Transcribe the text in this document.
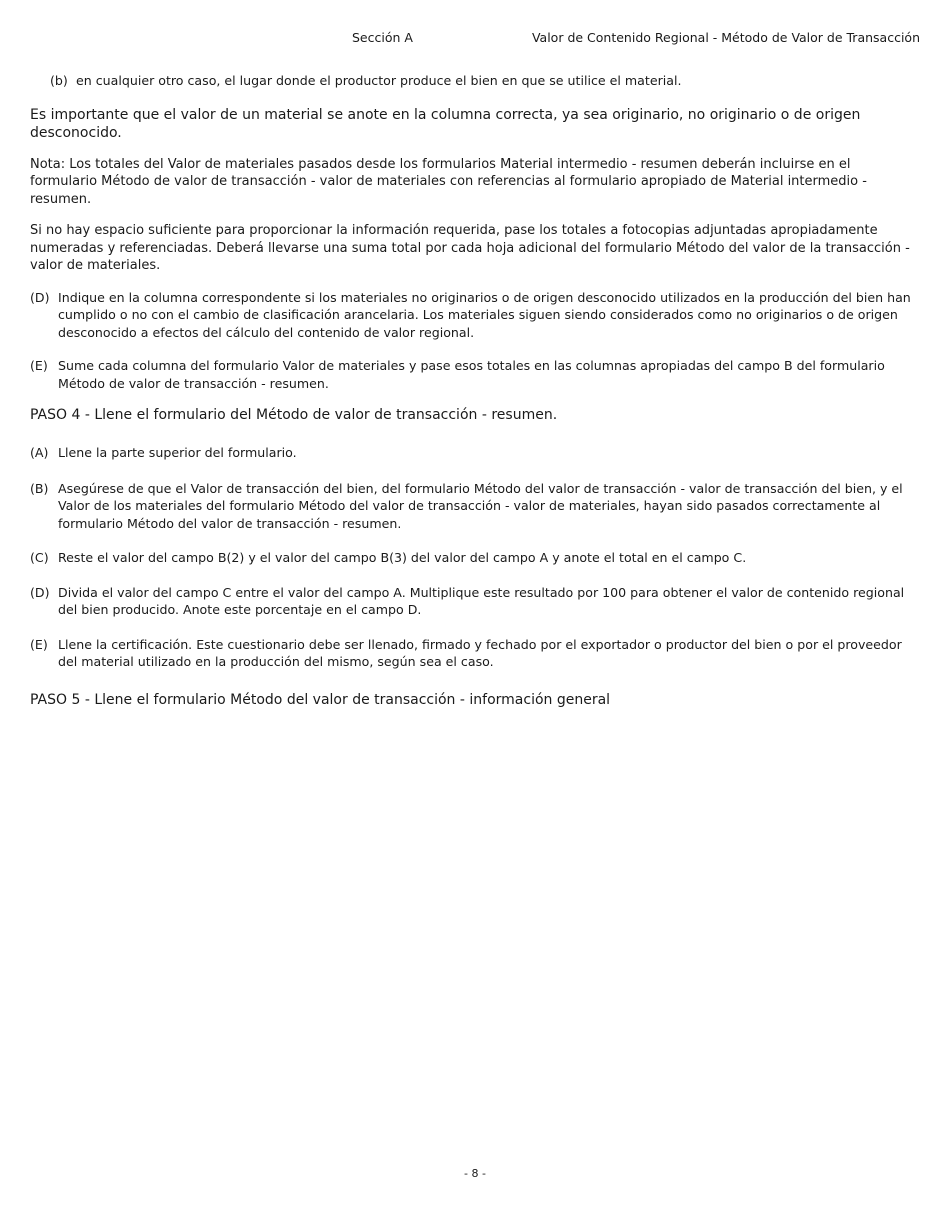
Sección A	Valor de Contenido Regional - Método de Valor de Transacción
(b) en cualquier otro caso, el lugar donde el productor produce el bien en que se utilice el material.

Es importante que el valor de un material se anote en la columna correcta, ya sea originario, no originario o de origen desconocido.

Nota: Los totales del Valor de materiales pasados desde los formularios Material intermedio - resumen deberán incluirse en el formulario Método de valor de transacción - valor de materiales con referencias al formulario apropiado de Material intermedio - resumen.

Si no hay espacio suficiente para proporcionar la información requerida, pase los totales a fotocopias adjuntadas apropiadamente numeradas y referenciadas. Deberá llevarse una suma total por cada hoja adicional del formulario Método del valor de la transacción - valor de materiales.

(D) Indique en la columna correspondente si los materiales no originarios o de origen desconocido utilizados en la producción del bien han cumplido o no con el cambio de clasificación arancelaria. Los materiales siguen siendo considerados como no originarios o de origen desconocido a efectos del cálculo del contenido de valor regional.
(E) Sume cada columna del formulario Valor de materiales y pase esos totales en las columnas apropiadas del campo B del formulario Método de valor de transacción - resumen.

PASO 4 - Llene el formulario del Método de valor de transacción - resumen.

(A) Llene la parte superior del formulario.
(B) Asegúrese de que el Valor de transacción del bien, del formulario Método del valor de transacción - valor de transacción del bien, y el Valor de los materiales del formulario Método del valor de transacción - valor de materiales, hayan sido pasados correctamente al formulario Método del valor de transacción - resumen.
(C) Reste el valor del campo B(2) y el valor del campo B(3) del valor del campo A y anote el total en el campo C.
(D) Divida el valor del campo C entre el valor del campo A. Multiplique este resultado por 100 para obtener el valor de contenido regional del bien producido. Anote este porcentaje en el campo D.
(E) Llene la certificación. Este cuestionario debe ser llenado, firmado y fechado por el exportador o productor del bien o por el proveedor del material utilizado en la producción del mismo, según sea el caso.

PASO 5 - Llene el formulario Método del valor de transacción - información general

- 8 -
